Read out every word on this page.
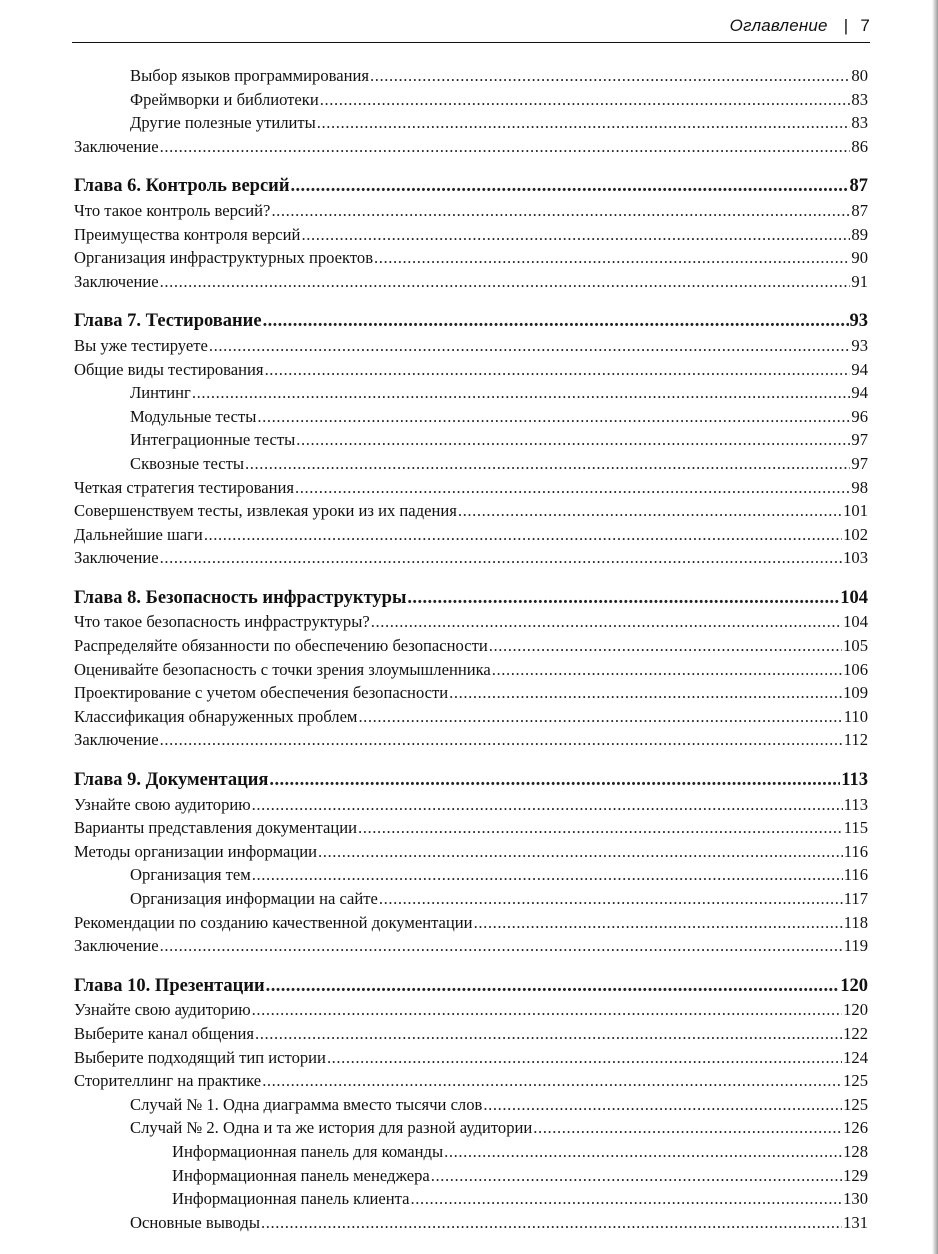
Оглавление | 7
Выбор языков программирования .....	80
Фреймворки и библиотеки .....	83
Другие полезные утилиты .....	83
Заключение .....	86
Глава 6. Контроль версий .....	87
Что такое контроль версий? .....	87
Преимущества контроля версий .....	89
Организация инфраструктурных проектов .....	90
Заключение .....	91
Глава 7. Тестирование .....	93
Вы уже тестируете .....	93
Общие виды тестирования .....	94
Линтинг .....	94
Модульные тесты .....	96
Интеграционные тесты .....	97
Сквозные тесты .....	97
Четкая стратегия тестирования .....	98
Совершенствуем тесты, извлекая уроки из их падения .....	101
Дальнейшие шаги .....	102
Заключение .....	103
Глава 8. Безопасность инфраструктуры .....	104
Что такое безопасность инфраструктуры? .....	104
Распределяйте обязанности по обеспечению безопасности .....	105
Оценивайте безопасность с точки зрения злоумышленника .....	106
Проектирование с учетом обеспечения безопасности .....	109
Классификация обнаруженных проблем .....	110
Заключение .....	112
Глава 9. Документация .....	113
Узнайте свою аудиторию .....	113
Варианты представления документации .....	115
Методы организации информации .....	116
Организация тем .....	116
Организация информации на сайте .....	117
Рекомендации по созданию качественной документации .....	118
Заключение .....	119
Глава 10. Презентации .....	120
Узнайте свою аудиторию .....	120
Выберите канал общения .....	122
Выберите подходящий тип истории .....	124
Сторителлинг на практике .....	125
Случай № 1. Одна диаграмма вместо тысячи слов .....	125
Случай № 2. Одна и та же история для разной аудитории .....	126
Информационная панель для команды .....	128
Информационная панель менеджера .....	129
Информационная панель клиента .....	130
Основные выводы .....	131
